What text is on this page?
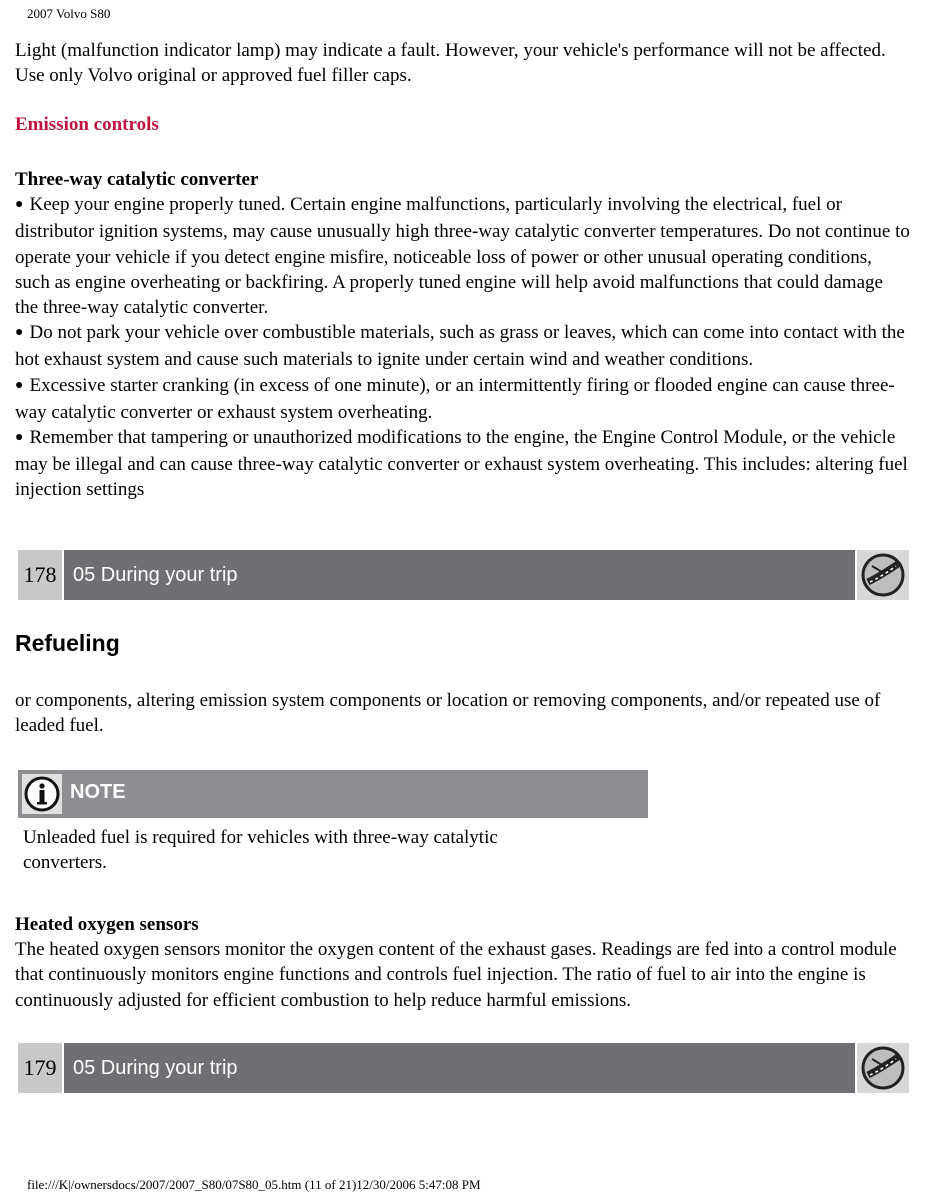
2007 Volvo S80
Light (malfunction indicator lamp) may indicate a fault. However, your vehicle's performance will not be affected. Use only Volvo original or approved fuel filler caps.
Emission controls

Three-way catalytic converter

● Keep your engine properly tuned. Certain engine malfunctions, particularly involving the electrical, fuel or distributor ignition systems, may cause unusually high three-way catalytic converter temperatures. Do not continue to operate your vehicle if you detect engine misfire, noticeable loss of power or other unusual operating conditions, such as engine overheating or backfiring. A properly tuned engine will help avoid malfunctions that could damage the three-way catalytic converter.

● Do not park your vehicle over combustible materials, such as grass or leaves, which can come into contact with the hot exhaust system and cause such materials to ignite under certain wind and weather conditions.

● Excessive starter cranking (in excess of one minute), or an intermittently firing or flooded engine can cause three-way catalytic converter or exhaust system overheating.

● Remember that tampering or unauthorized modifications to the engine, the Engine Control Module, or the vehicle may be illegal and can cause three-way catalytic converter or exhaust system overheating. This includes: altering fuel injection settings

178 05 During your trip
Refueling
or components, altering emission system components or location or removing components, and/or repeated use of leaded fuel.
NOTE
Unleaded fuel is required for vehicles with three-way catalytic converters.

Heated oxygen sensors

The heated oxygen sensors monitor the oxygen content of the exhaust gases. Readings are fed into a control module that continuously monitors engine functions and controls fuel injection. The ratio of fuel to air into the engine is continuously adjusted for efficient combustion to help reduce harmful emissions.

179 05 During your trip
file:///K|/ownersdocs/2007/2007_S80/07S80_05.htm (11 of 21)12/30/2006 5:47:08 PM
